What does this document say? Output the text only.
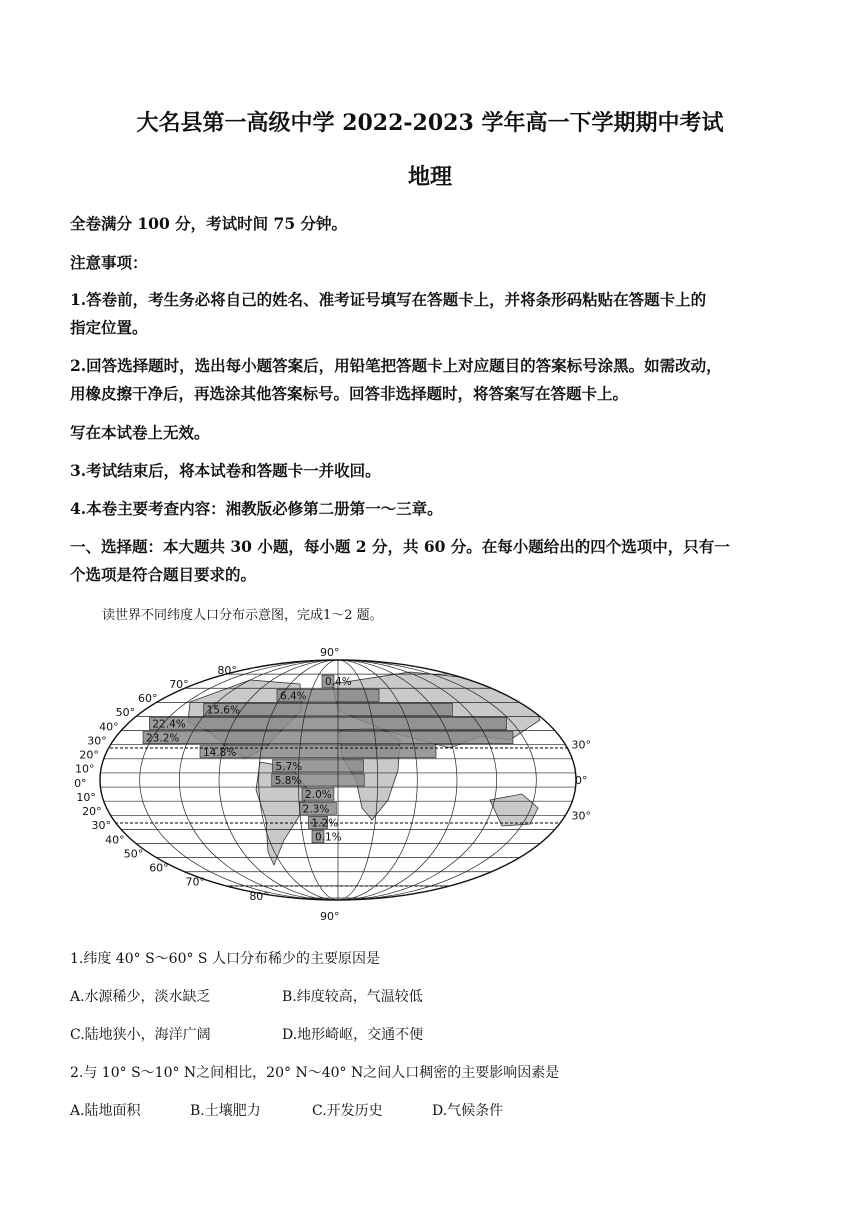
大名县第一高级中学 2022-2023 学年高一下学期期中考试
地理
全卷满分 100 分，考试时间 75 分钟。
注意事项：
1.答卷前，考生务必将自己的姓名、准考证号填写在答题卡上，并将条形码粘贴在答题卡上的
指定位置。
2.回答选择题时，选出每小题答案后，用铅笔把答题卡上对应题目的答案标号涂黑。如需改动，
用橡皮擦干净后，再选涂其他答案标号。回答非选择题时，将答案写在答题卡上。
写在本试卷上无效。
3.考试结束后，将本试卷和答题卡一并收回。
4.本卷主要考查内容：湘教版必修第二册第一～三章。
一、选择题：本大题共 30 小题，每小题 2 分，共 60 分。在每小题给出的四个选项中，只有一
个选项是符合题目要求的。
读世界不同纬度人口分布示意图，完成1～2 题。
90°
90°
80°
70°
60°
50°
40°
30°
20°
10°
0°
10°
20°
30°
40°
50°
60°
70°
80°
30°
0°
30°
0.4%
6.4%
15.6%
22.4%
23.2%
14.8%
5.7%
5.8%
2.0%
2.3%
1.2%
0.1%
1.纬度 40° S～60° S 人口分布稀少的主要原因是
A.水源稀少，淡水缺乏	B.纬度较高，气温较低
C.陆地狭小，海洋广阔	D.地形崎岖，交通不便
2.与 10° S～10° N之间相比，20° N～40° N之间人口稠密的主要影响因素是
A.陆地面积	B.土壤肥力	C.开发历史	D.气候条件
